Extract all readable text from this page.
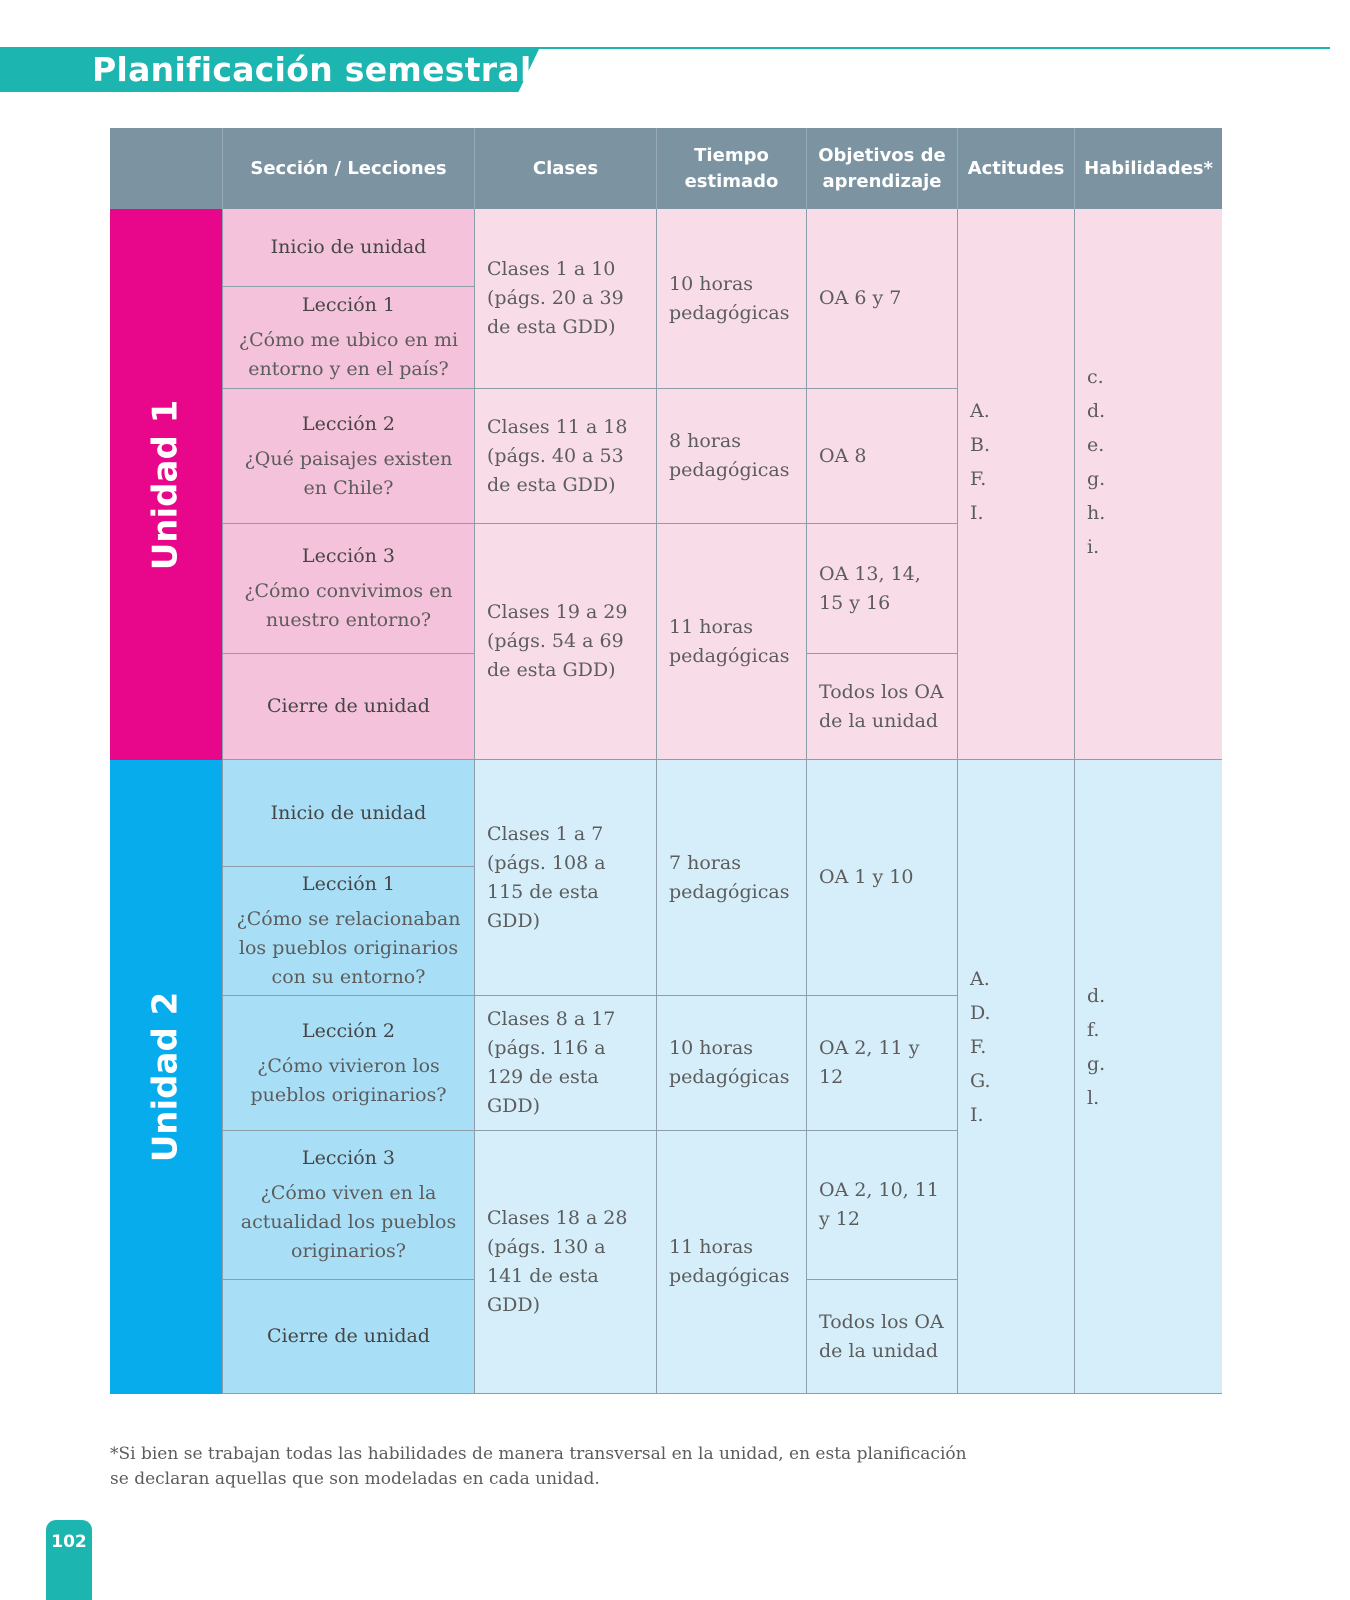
Planificación semestral
Sección / Lecciones	Clases
Tiempo estimado
Objetivos de aprendizaje
Actitudes	Habilidades*
Unidad 1
Inicio de unidad
Lección 1
¿Cómo me ubico en mi entorno y en el país?
Lección 2
¿Qué paisajes existen en Chile?
Lección 3
¿Cómo convivimos en nuestro entorno?
Cierre de unidad
Clases 1 a 10 (págs. 20 a 39 de esta GDD)
Clases 11 a 18 (págs. 40 a 53 de esta GDD)
Clases 19 a 29 (págs. 54 a 69 de esta GDD)
10 horas pedagógicas
8 horas pedagógicas
11 horas pedagógicas
OA 6 y 7
OA 8
OA 13, 14, 15 y 16
Todos los OA de la unidad
A.
B.
F.
I.
c.
d.
e.
g.
h.
i.
Unidad 2
Inicio de unidad
Lección 1
¿Cómo se relacionaban los pueblos originarios con su entorno?
Lección 2
¿Cómo vivieron los pueblos originarios?
Lección 3
¿Cómo viven en la actualidad los pueblos originarios?
Cierre de unidad
Clases 1 a 7 (págs. 108 a 115 de esta GDD)
Clases 8 a 17 (págs. 116 a 129 de esta GDD)
Clases 18 a 28 (págs. 130 a 141 de esta GDD)
7 horas pedagógicas
10 horas pedagógicas
11 horas pedagógicas
OA 1 y 10
OA 2, 11 y 12
OA 2, 10, 11 y 12
Todos los OA de la unidad
A.
D.
F.
G.
I.
d.
f.
g.
l.
*Si bien se trabajan todas las habilidades de manera transversal en la unidad, en esta planificación se declaran aquellas que son modeladas en cada unidad.
102
